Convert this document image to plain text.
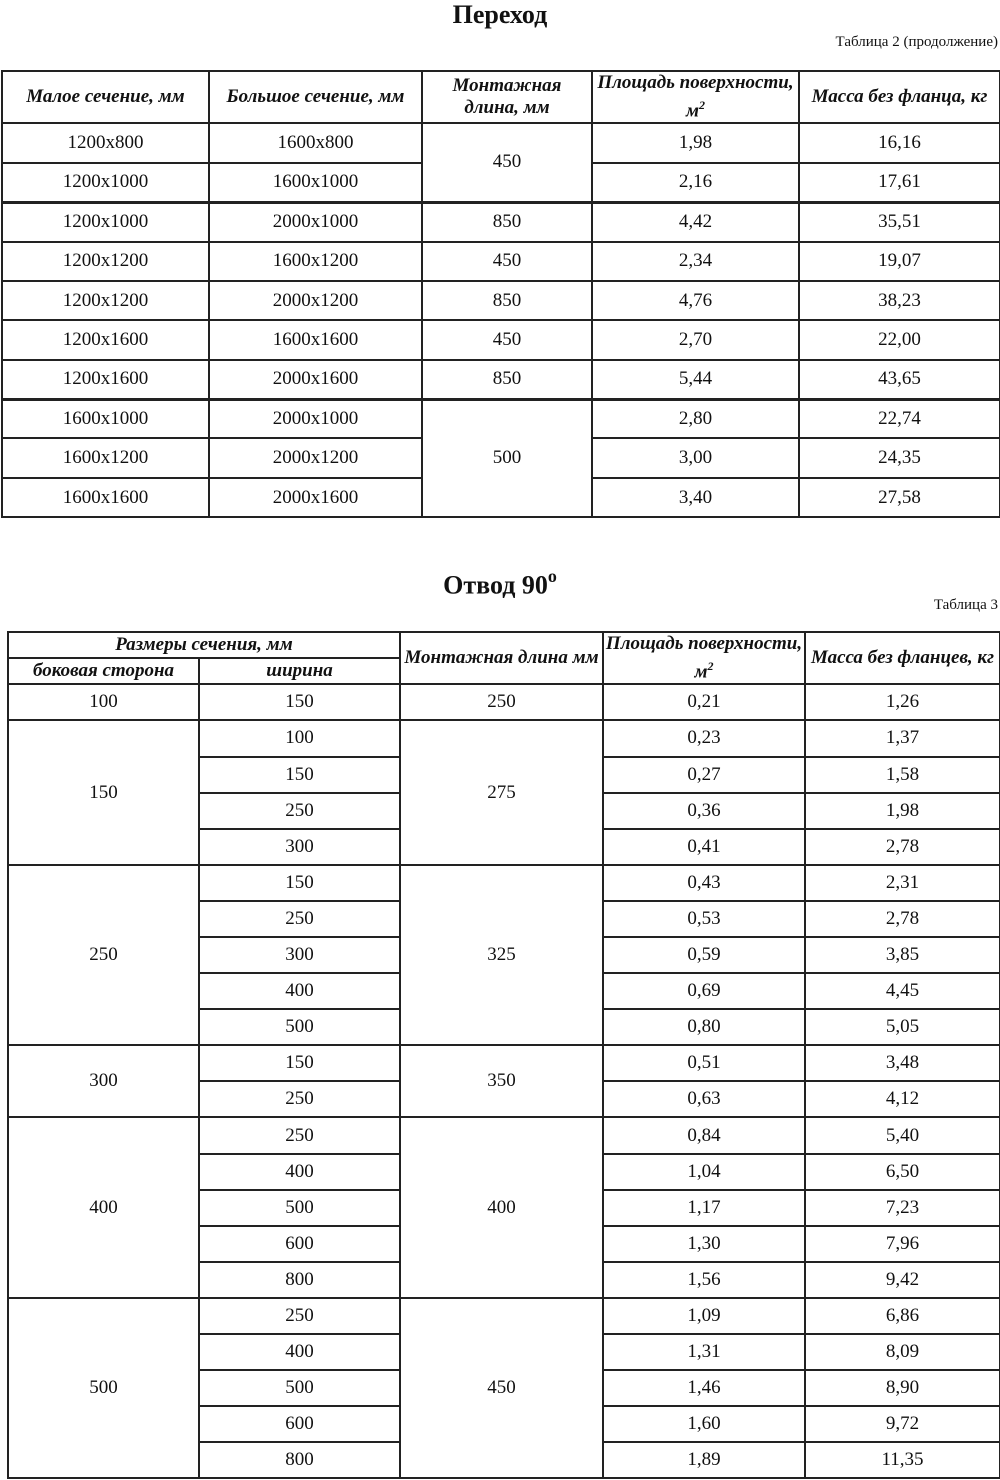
Переход
Таблица 2 (продолжение)
Малое сечение, мм	Большое сечение, мм	Монтажная длина, мм	Площадь поверхности, $м^2$	Масса без фланца, кг
1200x800	1600x800	450	1,98	16,16
1200x1000	1600x1000		2,16	17,61
1200x1000	2000x1000	850	4,42	35,51
1200x1200	1600x1200	450	2,34	19,07
1200x1200	2000x1200	850	4,76	38,23
1200x1600	1600x1600	450	2,70	22,00
1200x1600	2000x1600	850	5,44	43,65
1600x1000	2000x1000	500	2,80	22,74
1600x1200	2000x1200		3,00	24,35
1600x1600	2000x1600		3,40	27,58
Отвод 90$^o$
Таблица 3
Размеры сечения, мм		Монтажная длина мм	Площадь поверхности, $м^2$	Масса без фланцев, кг
боковая сторона	ширина			
100	150	250	0,21	1,26
150	100	275	0,23	1,37
	150		0,27	1,58
	250		0,36	1,98
	300		0,41	2,78
250	150	325	0,43	2,31
	250		0,53	2,78
	300		0,59	3,85
	400		0,69	4,45
	500		0,80	5,05
300	150	350	0,51	3,48
	250		0,63	4,12
400	250	400	0,84	5,40
	400		1,04	6,50
	500		1,17	7,23
	600		1,30	7,96
	800		1,56	9,42
500	250	450	1,09	6,86
	400		1,31	8,09
	500		1,46	8,90
	600		1,60	9,72
	800		1,89	11,35
